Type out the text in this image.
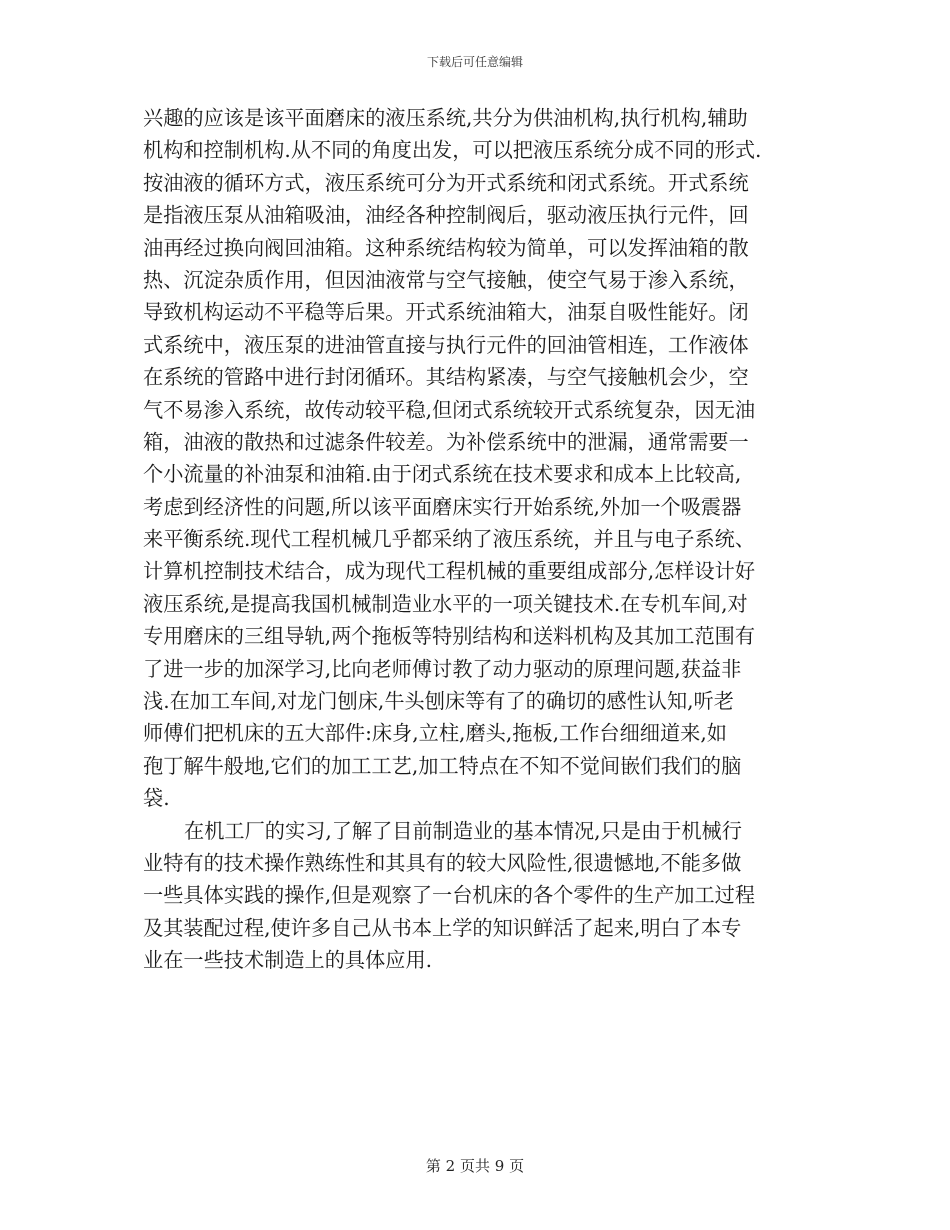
下载后可任意编辑
兴趣的应该是该平面磨床的液压系统,共分为供油机构,执行机构,辅助
机构和控制机构.从不同的角度出发，可以把液压系统分成不同的形式.
按油液的循环方式，液压系统可分为开式系统和闭式系统。开式系统
是指液压泵从油箱吸油，油经各种控制阀后，驱动液压执行元件，回
油再经过换向阀回油箱。这种系统结构较为简单，可以发挥油箱的散
热、沉淀杂质作用，但因油液常与空气接触，使空气易于渗入系统，
导致机构运动不平稳等后果。开式系统油箱大，油泵自吸性能好。闭
式系统中，液压泵的进油管直接与执行元件的回油管相连，工作液体
在系统的管路中进行封闭循环。其结构紧凑，与空气接触机会少，空
气不易渗入系统，故传动较平稳,但闭式系统较开式系统复杂，因无油
箱，油液的散热和过滤条件较差。为补偿系统中的泄漏，通常需要一
个小流量的补油泵和油箱.由于闭式系统在技术要求和成本上比较高,
考虑到经济性的问题,所以该平面磨床实行开始系统,外加一个吸震器
来平衡系统.现代工程机械几乎都采纳了液压系统，并且与电子系统、
计算机控制技术结合，成为现代工程机械的重要组成部分,怎样设计好
液压系统,是提高我国机械制造业水平的一项关键技术.在专机车间,对
专用磨床的三组导轨,两个拖板等特别结构和送料机构及其加工范围有
了进一步的加深学习,比向老师傅讨教了动力驱动的原理问题,获益非
浅.在加工车间,对龙门刨床,牛头刨床等有了的确切的感性认知,听老
师傅们把机床的五大部件:床身,立柱,磨头,拖板,工作台细细道来,如
孢丁解牛般地,它们的加工工艺,加工特点在不知不觉间嵌们我们的脑
袋.
在机工厂的实习,了解了目前制造业的基本情况,只是由于机械行
业特有的技术操作熟练性和其具有的较大风险性,很遗憾地,不能多做
一些具体实践的操作,但是观察了一台机床的各个零件的生产加工过程
及其装配过程,使许多自己从书本上学的知识鲜活了起来,明白了本专
业在一些技术制造上的具体应用.
第 2 页共 9 页
